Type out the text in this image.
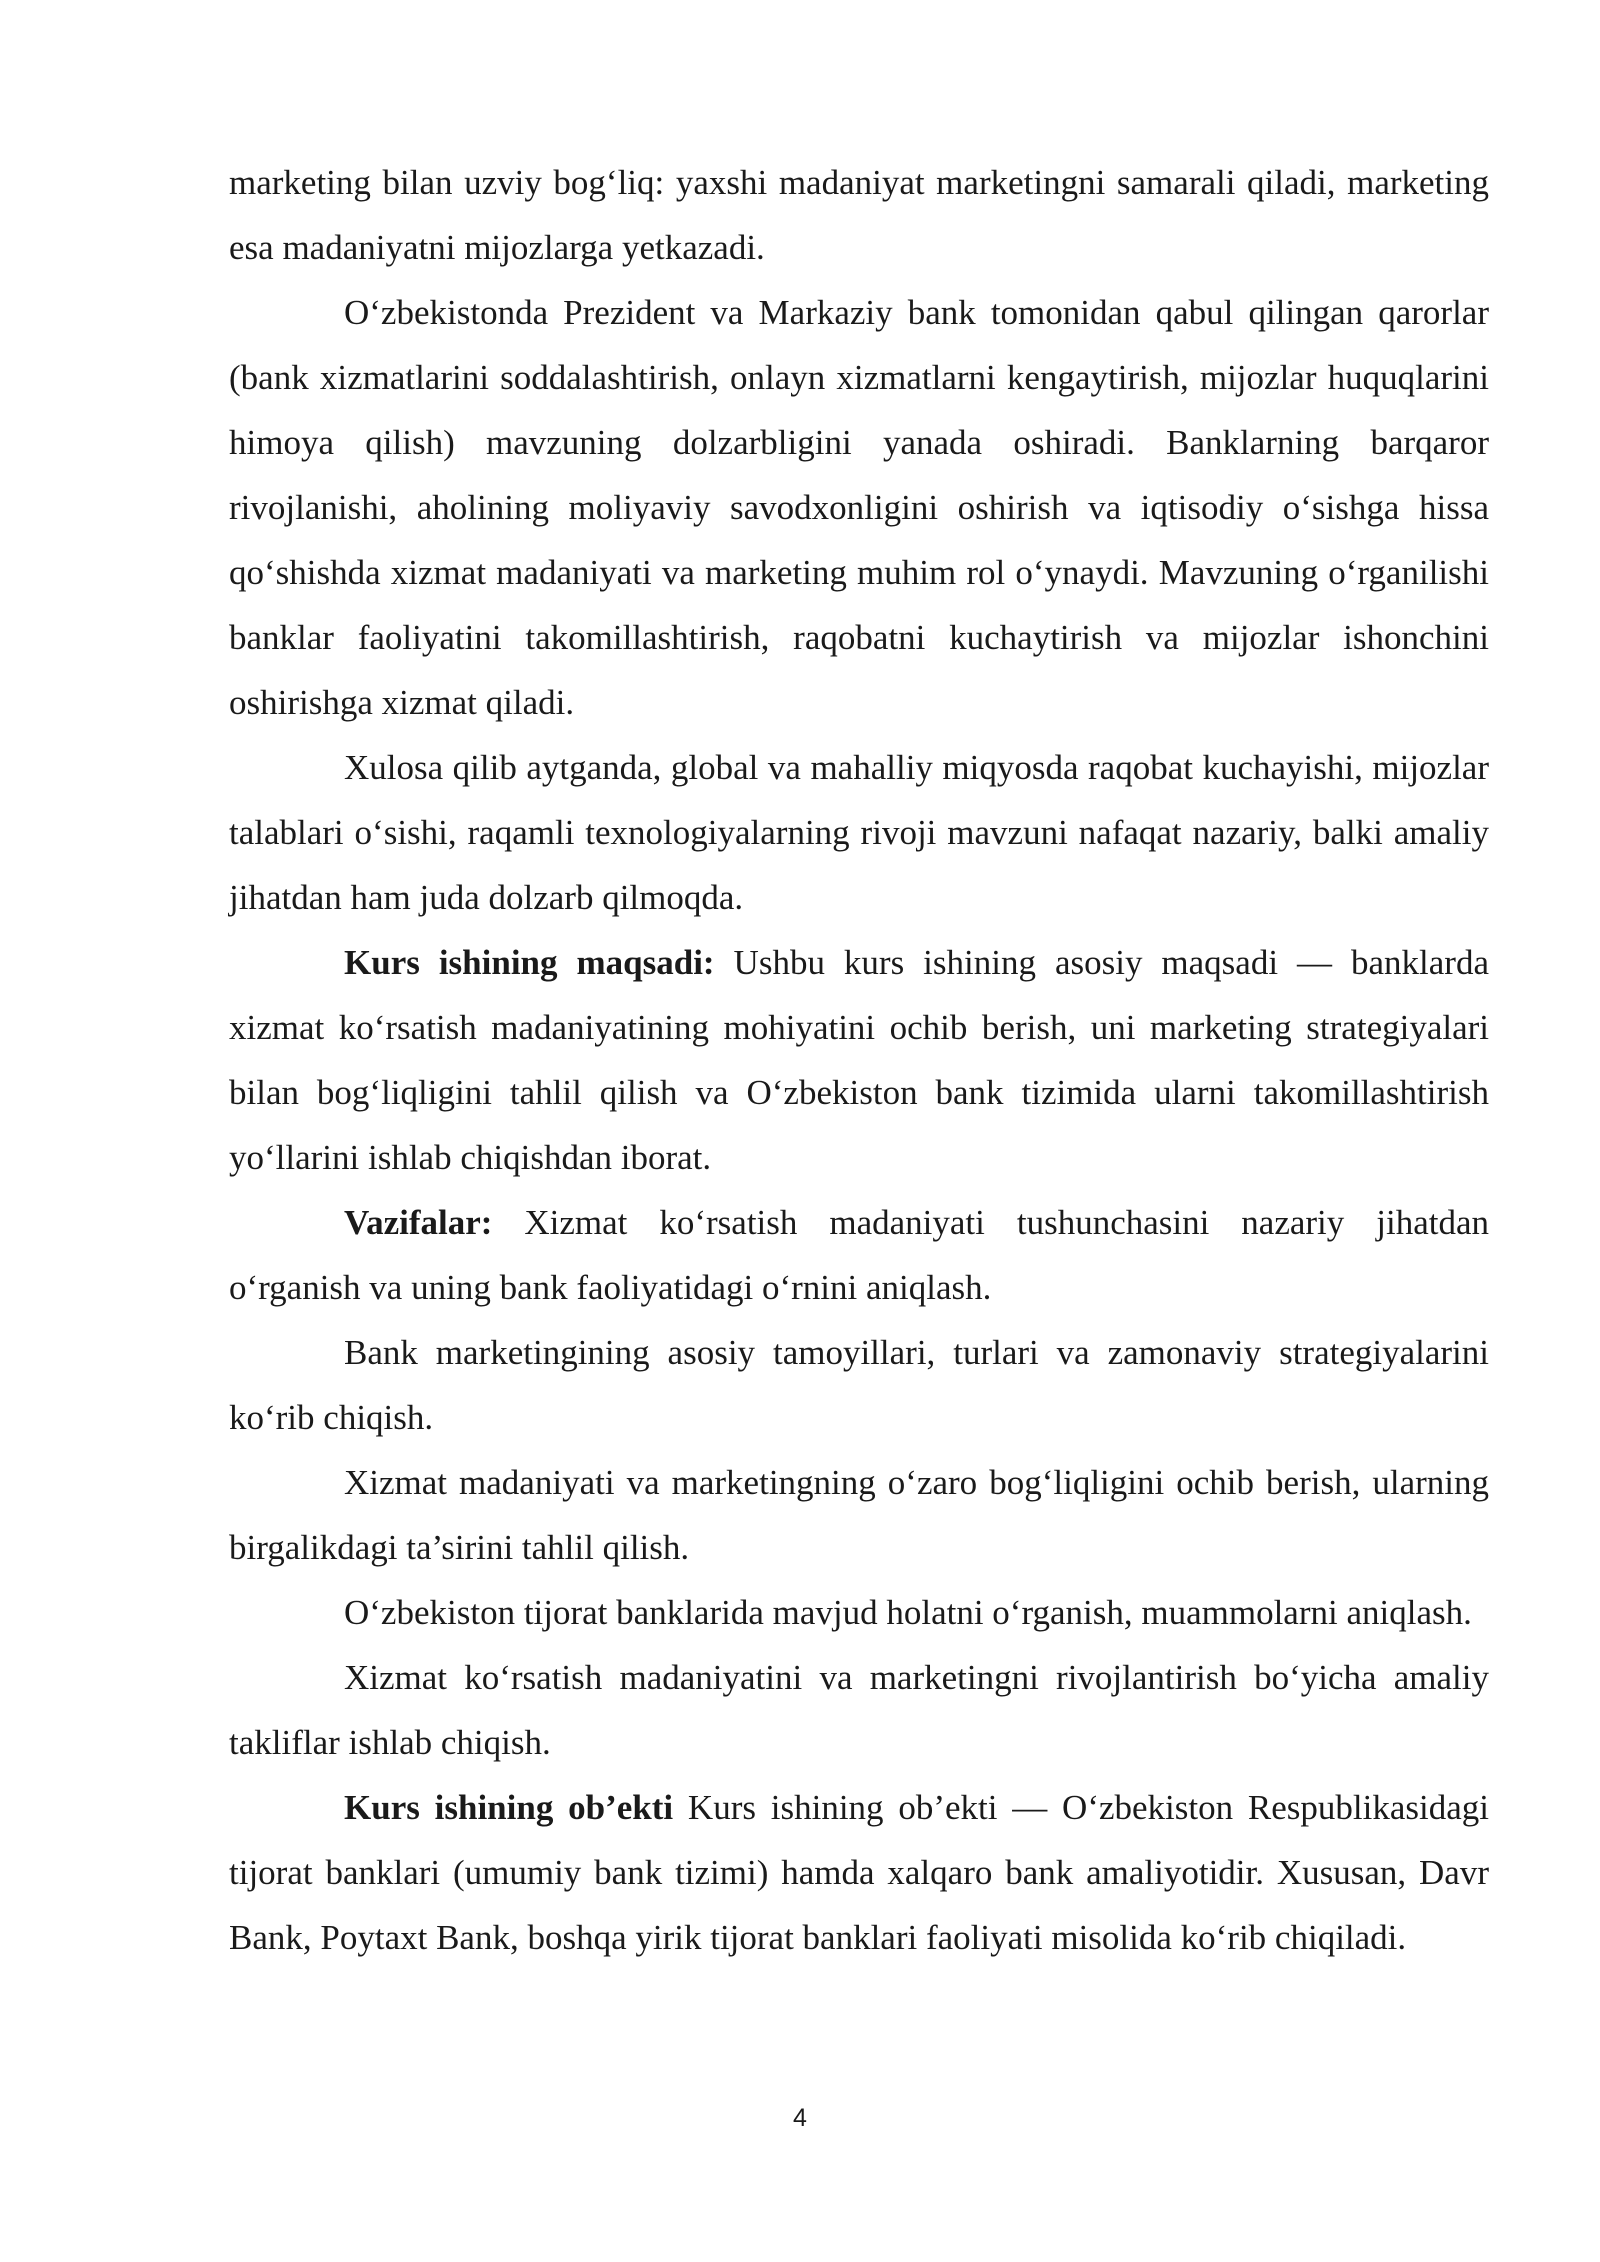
marketing bilan uzviy bog‘liq: yaxshi madaniyat marketingni samarali qiladi, marketing esa madaniyatni mijozlarga yetkazadi.

O‘zbekistonda Prezident va Markaziy bank tomonidan qabul qilingan qarorlar (bank xizmatlarini soddalashtirish, onlayn xizmatlarni kengaytirish, mijozlar huquqlarini himoya qilish) mavzuning dolzarbligini yanada oshiradi. Banklarning barqaror rivojlanishi, aholining moliyaviy savodxonligini oshirish va iqtisodiy o‘sishga hissa qo‘shishda xizmat madaniyati va marketing muhim rol o‘ynaydi. Mavzuning o‘rganilishi banklar faoliyatini takomillashtirish, raqobatni kuchaytirish va mijozlar ishonchini oshirishga xizmat qiladi.

Xulosa qilib aytganda, global va mahalliy miqyosda raqobat kuchayishi, mijozlar talablari o‘sishi, raqamli texnologiyalarning rivoji mavzuni nafaqat nazariy, balki amaliy jihatdan ham juda dolzarb qilmoqda.

Kurs ishining maqsadi: Ushbu kurs ishining asosiy maqsadi — banklarda xizmat ko‘rsatish madaniyatining mohiyatini ochib berish, uni marketing strategiyalari bilan bog‘liqligini tahlil qilish va O‘zbekiston bank tizimida ularni takomillashtirish yo‘llarini ishlab chiqishdan iborat.

Vazifalar: Xizmat ko‘rsatish madaniyati tushunchasini nazariy jihatdan o‘rganish va uning bank faoliyatidagi o‘rnini aniqlash.

Bank marketingining asosiy tamoyillari, turlari va zamonaviy strategiyalarini ko‘rib chiqish.

Xizmat madaniyati va marketingning o‘zaro bog‘liqligini ochib berish, ularning birgalikdagi ta’sirini tahlil qilish.

O‘zbekiston tijorat banklarida mavjud holatni o‘rganish, muammolarni aniqlash.

Xizmat ko‘rsatish madaniyatini va marketingni rivojlantirish bo‘yicha amaliy takliflar ishlab chiqish.

Kurs ishining ob’ekti Kurs ishining ob’ekti — O‘zbekiston Respublikasidagi tijorat banklari (umumiy bank tizimi) hamda xalqaro bank amaliyotidir. Xususan, Davr Bank, Poytaxt Bank, boshqa yirik tijorat banklari faoliyati misolida ko‘rib chiqiladi.

4
